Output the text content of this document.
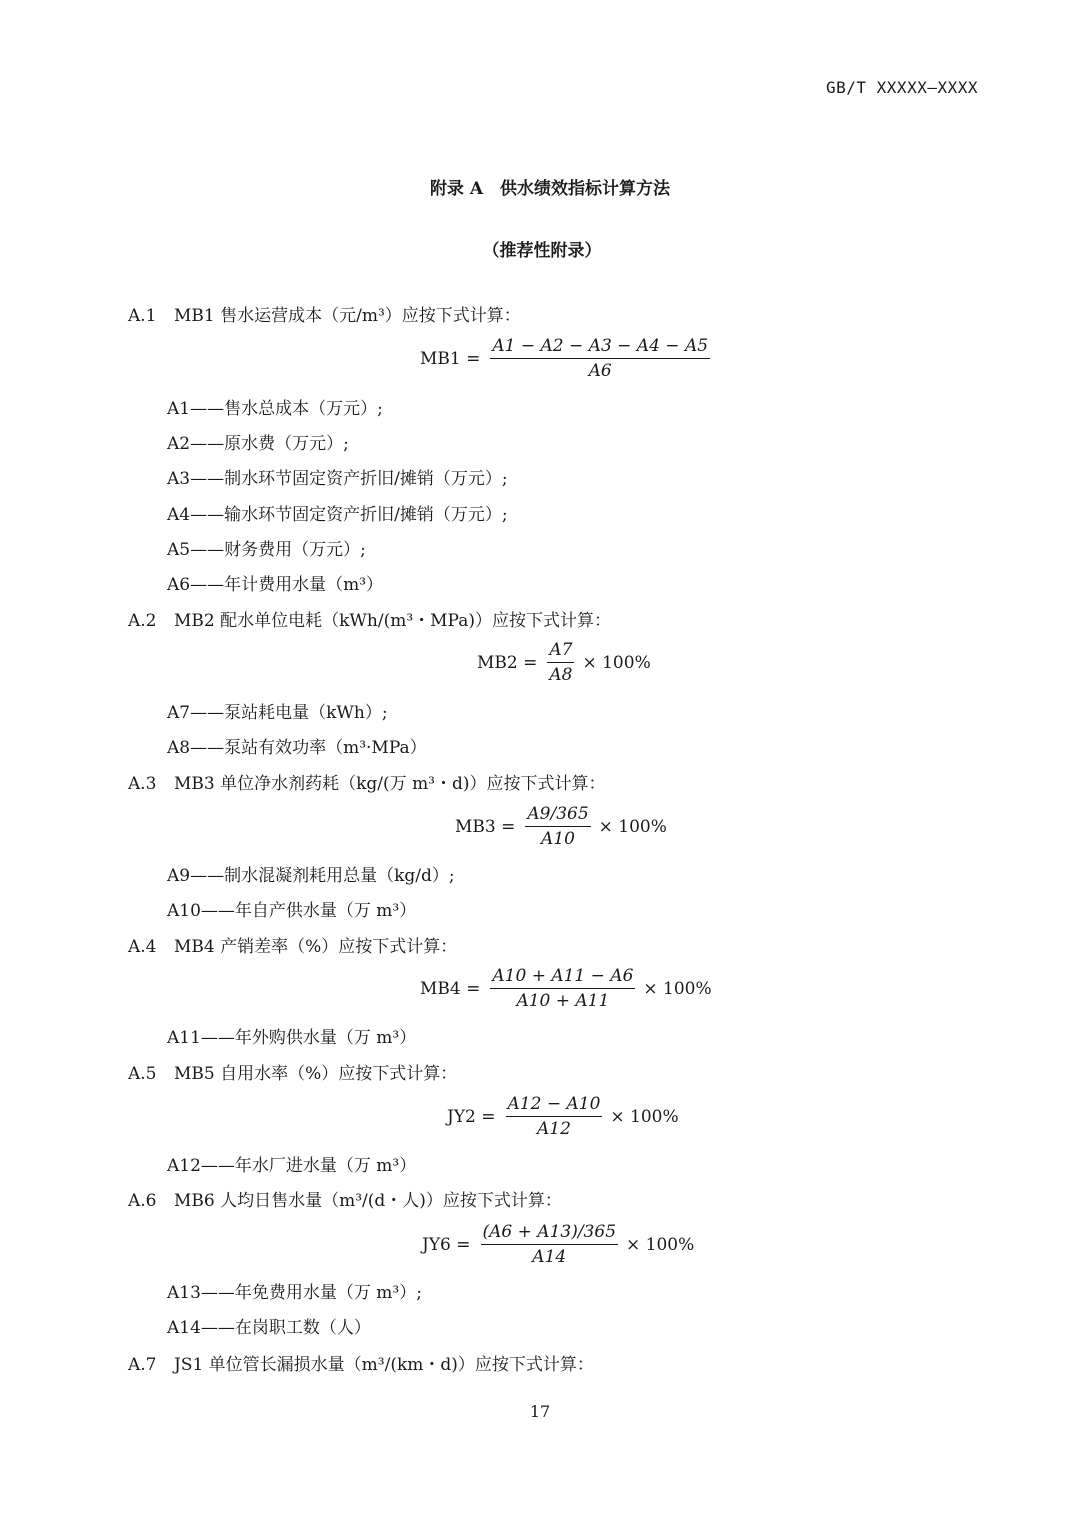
GB/T XXXXX—XXXX
附录 A　供水绩效指标计算方法
（推荐性附录）
A.1 MB1 售水运营成本（元/m³）应按下式计算：
$MB1 = \frac{A1 - A2 - A3 - A4 - A5}{A6}$
A1——售水总成本（万元）;
A2——原水费（万元）;
A3——制水环节固定资产折旧/摊销（万元）;
A4——输水环节固定资产折旧/摊销（万元）;
A5——财务费用（万元）;
A6——年计费用水量（m³）
A.2 MB2 配水单位电耗（kWh/(m³・MPa)）应按下式计算：
$MB2 = \frac{A7}{A8} \times 100\%$
A7——泵站耗电量（kWh）;
A8——泵站有效功率（m³·MPa）
A.3 MB3 单位净水剂药耗（kg/(万 m³・d)）应按下式计算：
$MB3 = \frac{A9/365}{A10} \times 100\%$
A9——制水混凝剂耗用总量（kg/d）;
A10——年自产供水量（万 m³）
A.4 MB4 产销差率（%）应按下式计算：
$MB4 = \frac{A10 + A11 - A6}{A10 + A11} \times 100\%$
A11——年外购供水量（万 m³）
A.5 MB5 自用水率（%）应按下式计算：
$JY2 = \frac{A12 - A10}{A12} \times 100\%$
A12——年水厂进水量（万 m³）
A.6 MB6 人均日售水量（m³/(d・人)）应按下式计算：
$JY6 = \frac{(A6 + A13)/365}{A14} \times 100\%$
A13——年免费用水量（万 m³）;
A14——在岗职工数（人）
A.7 JS1 单位管长漏损水量（m³/(km・d)）应按下式计算：
17
